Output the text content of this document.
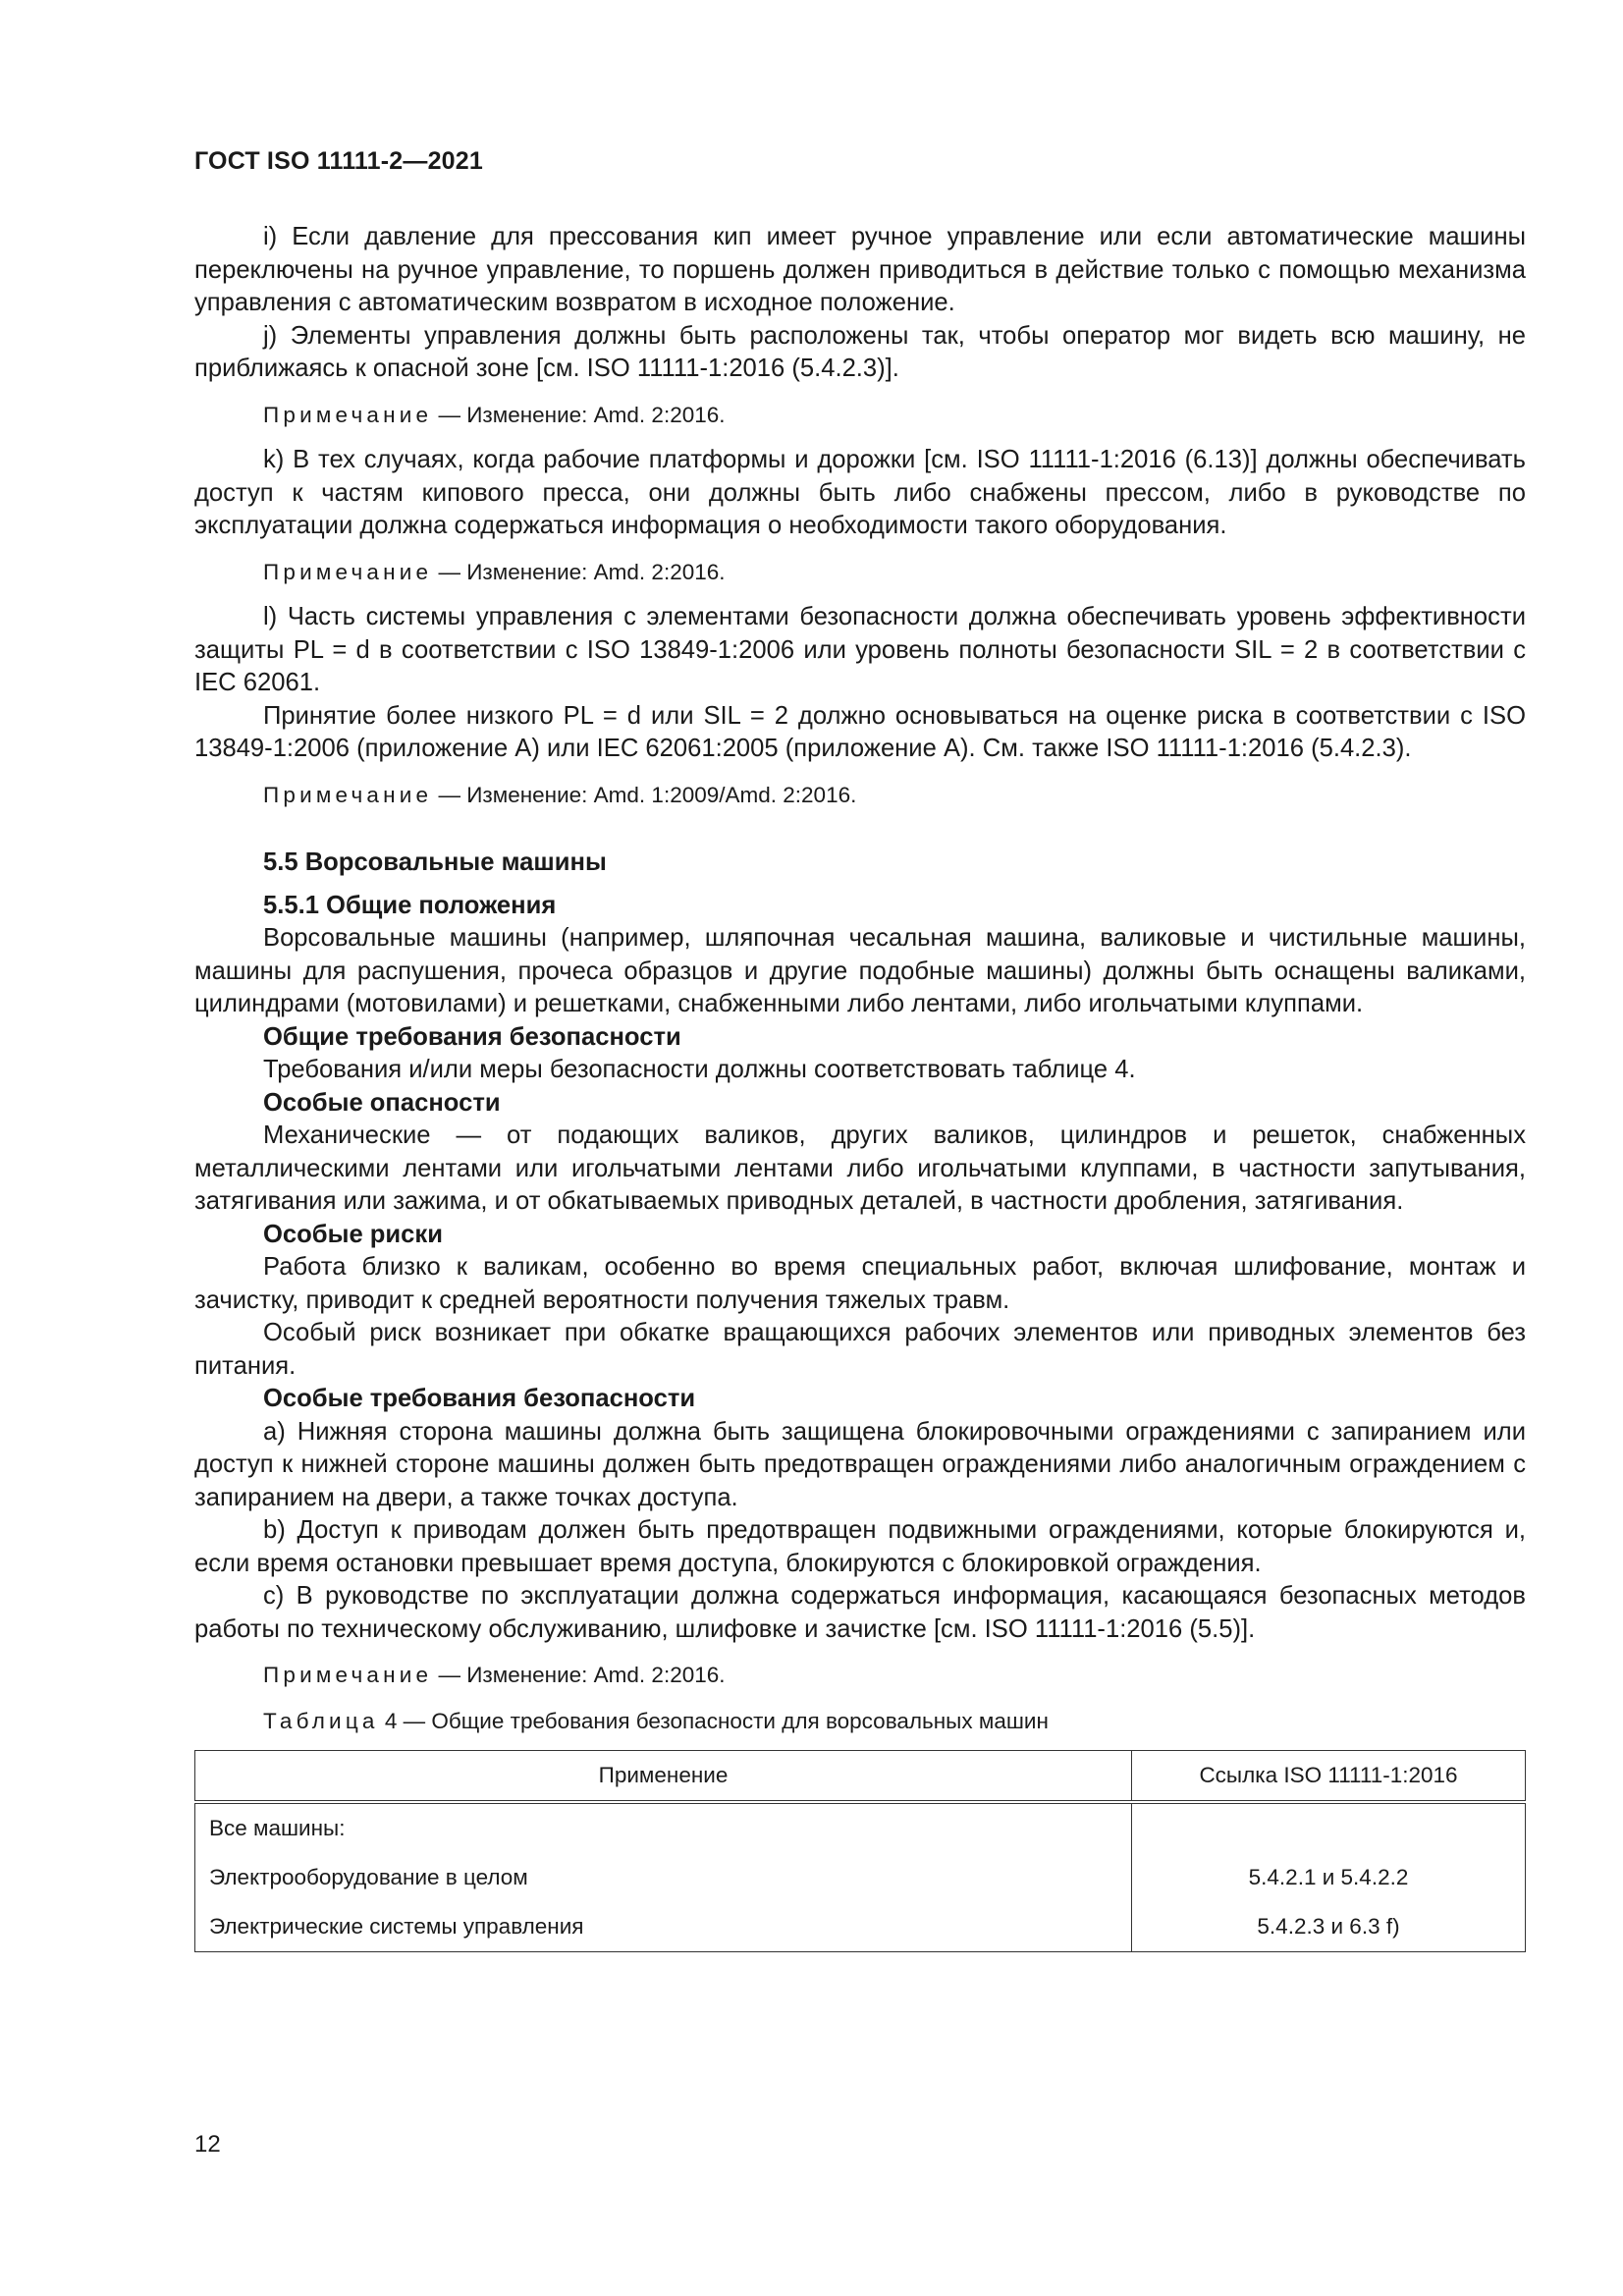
ГОСТ ISO 11111-2—2021

i) Если давление для прессования кип имеет ручное управление или если автоматические машины переключены на ручное управление, то поршень должен приводиться в действие только с помощью механизма управления с автоматическим возвратом в исходное положение.

j) Элементы управления должны быть расположены так, чтобы оператор мог видеть всю машину, не приближаясь к опасной зоне [см. ISO 11111-1:2016 (5.4.2.3)].

Примечание — Изменение: Amd. 2:2016.

k) В тех случаях, когда рабочие платформы и дорожки [см. ISO 11111-1:2016 (6.13)] должны обеспечивать доступ к частям кипового пресса, они должны быть либо снабжены прессом, либо в руководстве по эксплуатации должна содержаться информация о необходимости такого оборудования.

Примечание — Изменение: Amd. 2:2016.

l) Часть системы управления с элементами безопасности должна обеспечивать уровень эффективности защиты PL = d в соответствии с ISO 13849-1:2006 или уровень полноты безопасности SIL = 2 в соответствии с IEC 62061.

Принятие более низкого PL = d или SIL = 2 должно основываться на оценке риска в соответствии с ISO 13849-1:2006 (приложение A) или IEC 62061:2005 (приложение A). См. также ISO 11111-1:2016 (5.4.2.3).

Примечание — Изменение: Amd. 1:2009/Amd. 2:2016.

5.5 Ворсовальные машины
5.5.1 Общие положения

Ворсовальные машины (например, шляпочная чесальная машина, валиковые и чистильные машины, машины для распушения, прочеса образцов и другие подобные машины) должны быть оснащены валиками, цилиндрами (мотовилами) и решетками, снабженными либо лентами, либо игольчатыми клуппами.

Общие требования безопасности

Требования и/или меры безопасности должны соответствовать таблице 4.

Особые опасности

Механические — от подающих валиков, других валиков, цилиндров и решеток, снабженных металлическими лентами или игольчатыми лентами либо игольчатыми клуппами, в частности запутывания, затягивания или зажима, и от обкатываемых приводных деталей, в частности дробления, затягивания.

Особые риски

Работа близко к валикам, особенно во время специальных работ, включая шлифование, монтаж и зачистку, приводит к средней вероятности получения тяжелых травм.

Особый риск возникает при обкатке вращающихся рабочих элементов или приводных элементов без питания.

Особые требования безопасности

a) Нижняя сторона машины должна быть защищена блокировочными ограждениями с запиранием или доступ к нижней стороне машины должен быть предотвращен ограждениями либо аналогичным ограждением с запиранием на двери, а также точках доступа.

b) Доступ к приводам должен быть предотвращен подвижными ограждениями, которые блокируются и, если время остановки превышает время доступа, блокируются с блокировкой ограждения.

c) В руководстве по эксплуатации должна содержаться информация, касающаяся безопасных методов работы по техническому обслуживанию, шлифовке и зачистке [см. ISO 11111-1:2016 (5.5)].

Примечание — Изменение: Amd. 2:2016.

Таблица 4 — Общие требования безопасности для ворсовальных машин

Применение	Ссылка ISO 11111-1:2016
Все машины:	
Электрооборудование в целом	5.4.2.1 и 5.4.2.2
Электрические системы управления	5.4.2.3 и 6.3 f)
12
